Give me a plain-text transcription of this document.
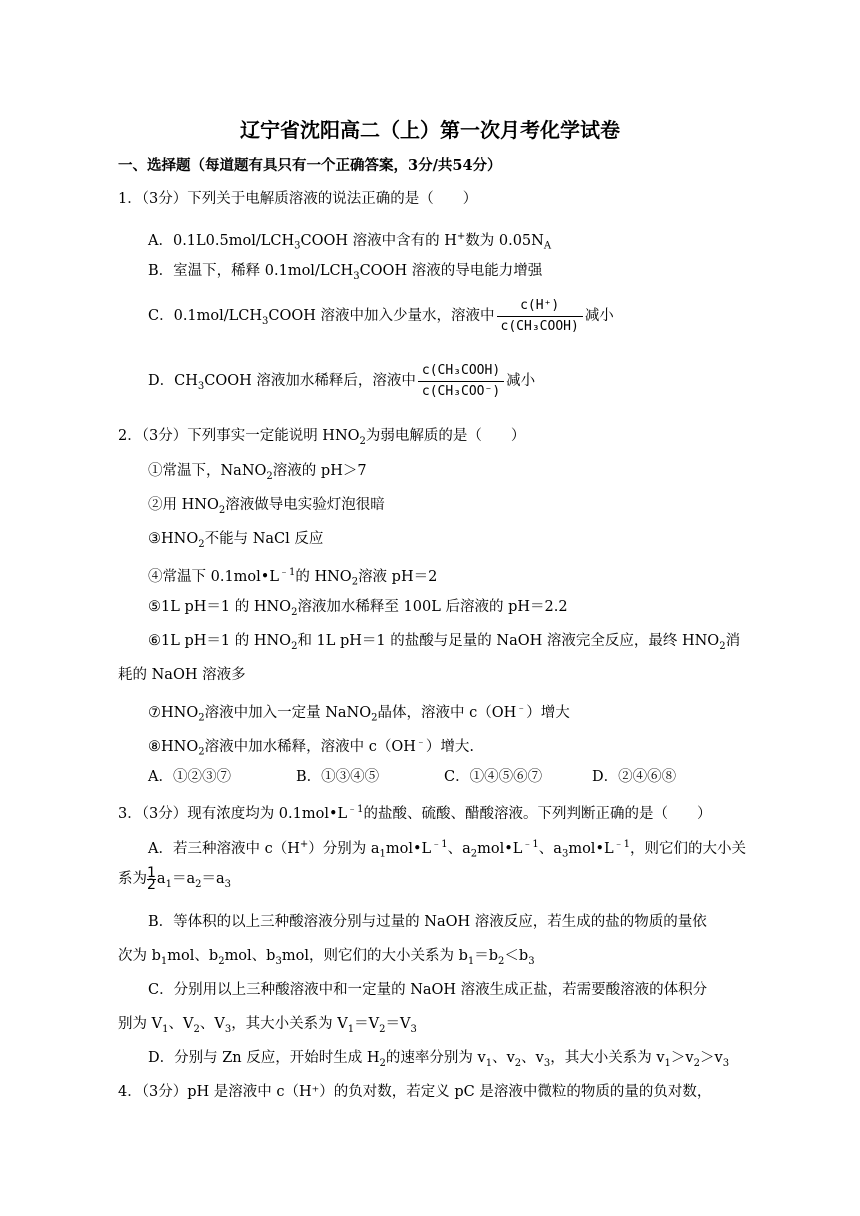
辽宁省沈阳高二（上）第一次月考化学试卷
一、选择题（每道题有具只有一个正确答案，3分/共54分）
1．（3分）下列关于电解质溶液的说法正确的是（　　）
A．$0.1L0.5mol/LCH_3COOH$ 溶液中含有的 H+数为 $0.05N_A$
B．室温下，稀释 $0.1mol/LCH_3COOH$ 溶液的导电能力增强
C．$0.1mol/LCH_3COOH$ 溶液中加入少量水，溶液中 $\frac{c(H^+)}{\text{c(CH₃COOH)}}$ 减小
D．$CH_3COOH$ 溶液加水稀释后，溶液中 $\frac{\text{c(CH₃COOH)}}{\text{c(CH₃COO⁻)}}$ 减小
2．（3分）下列事实一定能说明 $HNO_2$为弱电解质的是（　　）
①常温下，NaNO$_2$溶液的 pH＞7
②用 $HNO_2$溶液做导电实验灯泡很暗
$③HNO_2$不能与 NaCl 反应
④常温下 $0.1mol•L^{﹣1}$的 $HNO_2$溶液 pH＝2
⑤1L pH＝1 的 $HNO_2$溶液加水稀释至 100L 后溶液的 pH＝2.2
⑥1L pH＝1 的 $HNO_2$和 1L pH＝1 的盐酸与足量的 NaOH 溶液完全反应，最终 $HNO_2$消
耗的 NaOH 溶液多
$⑦HNO_2$溶液中加入一定量 NaNO$_2$晶体，溶液中 c（OH﹣）增大
$⑧HNO_2$溶液中加水稀释，溶液中 c（OH﹣）增大.
A．①②③⑦	B．①③④⑤	C．①④⑤⑥⑦	D．②④⑥⑧
3．（3分）现有浓度均为 $0.1mol•L^{﹣1}$的盐酸、硫酸、醋酸溶液。下列判断正确的是（　　）
A．若三种溶液中 c（H+）分别为 $a_1mol•L^{﹣1}$、$a_2mol•L^{﹣1}$、$a_3mol•L^{﹣1}$，则它们的大小关
系为 $\frac{1}{2} a_1=a_2=a_3$
B．等体积的以上三种酸溶液分别与过量的 NaOH 溶液反应，若生成的盐的物质的量依
次为 $b_1mol$、$b_2mol$、$b_3mol$，则它们的大小关系为 $b_1=b_2<b_3$
C．分别用以上三种酸溶液中和一定量的 NaOH 溶液生成正盐，若需要酸溶液的体积分
别为 $V_1$、$V_2$、$V_3$，其大小关系为 $V_1=V_2=V_3$
D．分别与 Zn 反应，开始时生成 $H_2$的速率分别为 $v_1$、$v_2$、$v_3$，其大小关系为 $v_1>v_2>v_3$
4．（3分）pH 是溶液中 c（H⁺）的负对数，若定义 pC 是溶液中微粒的物质的量的负对数，
